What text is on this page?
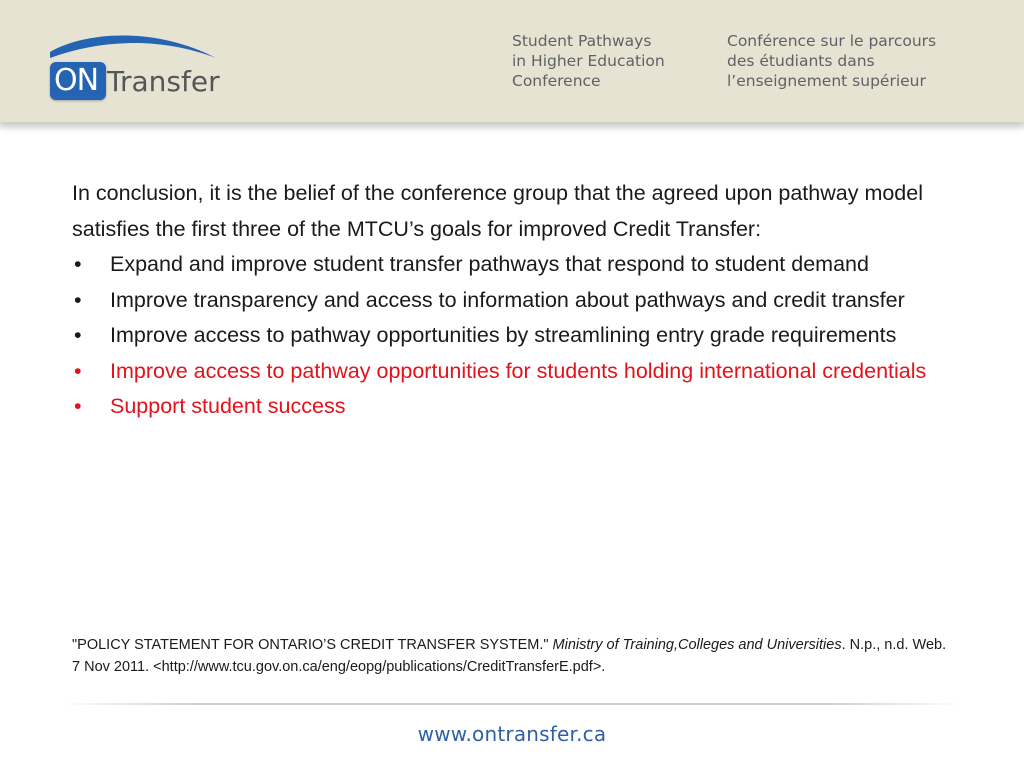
ON Transfer

Student Pathways
in Higher Education
Conference

Conférence sur le parcours
des étudiants dans
l’enseignement supérieur

In conclusion, it is the belief of the conference group that the agreed upon pathway model satisfies the first three of the MTCU’s goals for improved Credit Transfer:

•	Expand and improve student transfer pathways that respond to student demand
•	Improve transparency and access to information about pathways and credit transfer
•	Improve access to pathway opportunities by streamlining entry grade requirements
•	Improve access to pathway opportunities for students holding international credentials
•	Support student success

"POLICY STATEMENT FOR ONTARIO’S CREDIT TRANSFER SYSTEM." Ministry of Training,Colleges and Universities. N.p., n.d. Web. 7 Nov 2011. <http://www.tcu.gov.on.ca/eng/eopg/publications/CreditTransferE.pdf>.

www.ontransfer.ca
